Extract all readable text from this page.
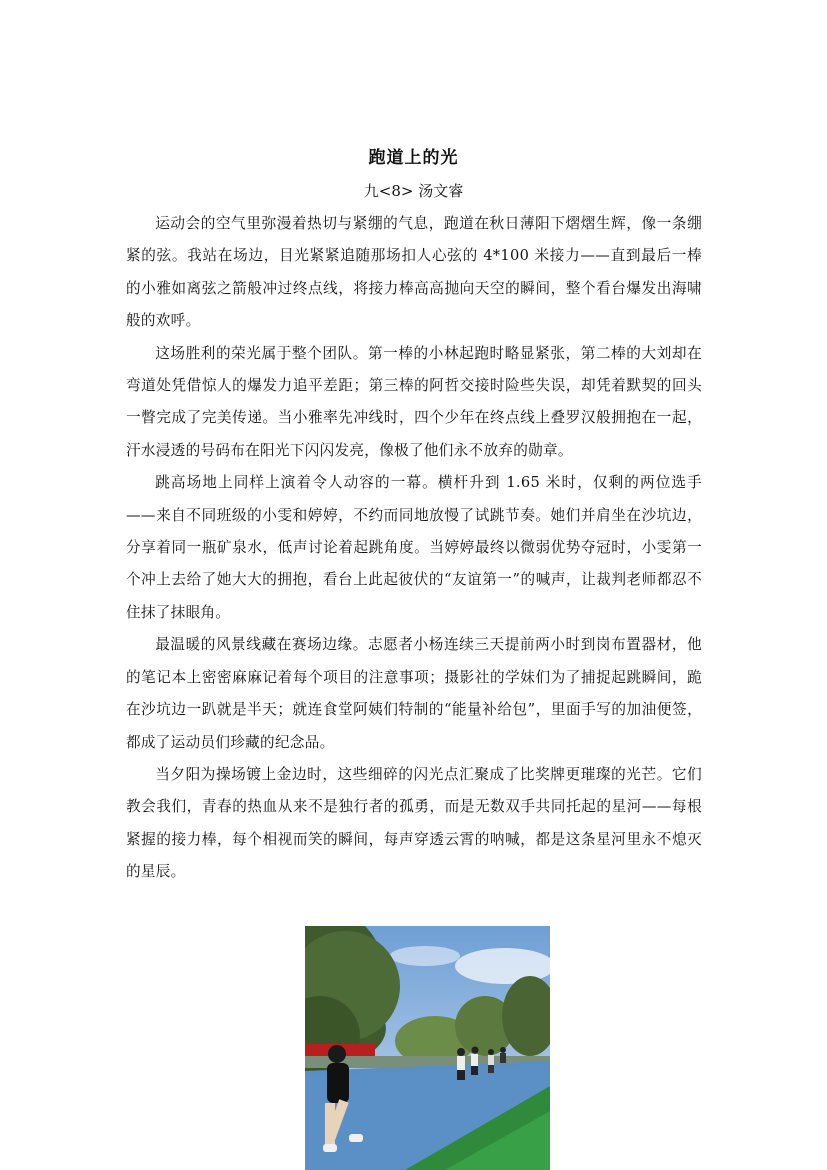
跑道上的光
九<8> 汤文睿

运动会的空气里弥漫着热切与紧绷的气息，跑道在秋日薄阳下熠熠生辉，像一条绷紧的弦。我站在场边，目光紧紧追随那场扣人心弦的 4*100 米接力——直到最后一棒的小雅如离弦之箭般冲过终点线，将接力棒高高抛向天空的瞬间，整个看台爆发出海啸般的欢呼。

这场胜利的荣光属于整个团队。第一棒的小林起跑时略显紧张，第二棒的大刘却在弯道处凭借惊人的爆发力追平差距；第三棒的阿哲交接时险些失误，却凭着默契的回头一瞥完成了完美传递。当小雅率先冲线时，四个少年在终点线上叠罗汉般拥抱在一起，汗水浸透的号码布在阳光下闪闪发亮，像极了他们永不放弃的勋章。

跳高场地上同样上演着令人动容的一幕。横杆升到 1.65 米时，仅剩的两位选手——来自不同班级的小雯和婷婷，不约而同地放慢了试跳节奏。她们并肩坐在沙坑边，分享着同一瓶矿泉水，低声讨论着起跳角度。当婷婷最终以微弱优势夺冠时，小雯第一个冲上去给了她大大的拥抱，看台上此起彼伏的“友谊第一”的喊声，让裁判老师都忍不住抹了抹眼角。

最温暖的风景线藏在赛场边缘。志愿者小杨连续三天提前两小时到岗布置器材，他的笔记本上密密麻麻记着每个项目的注意事项；摄影社的学妹们为了捕捉起跳瞬间，跪在沙坑边一趴就是半天；就连食堂阿姨们特制的“能量补给包”，里面手写的加油便签，都成了运动员们珍藏的纪念品。

当夕阳为操场镀上金边时，这些细碎的闪光点汇聚成了比奖牌更璀璨的光芒。它们教会我们，青春的热血从来不是独行者的孤勇，而是无数双手共同托起的星河——每根紧握的接力棒，每个相视而笑的瞬间，每声穿透云霄的呐喊，都是这条星河里永不熄灭的星辰。
